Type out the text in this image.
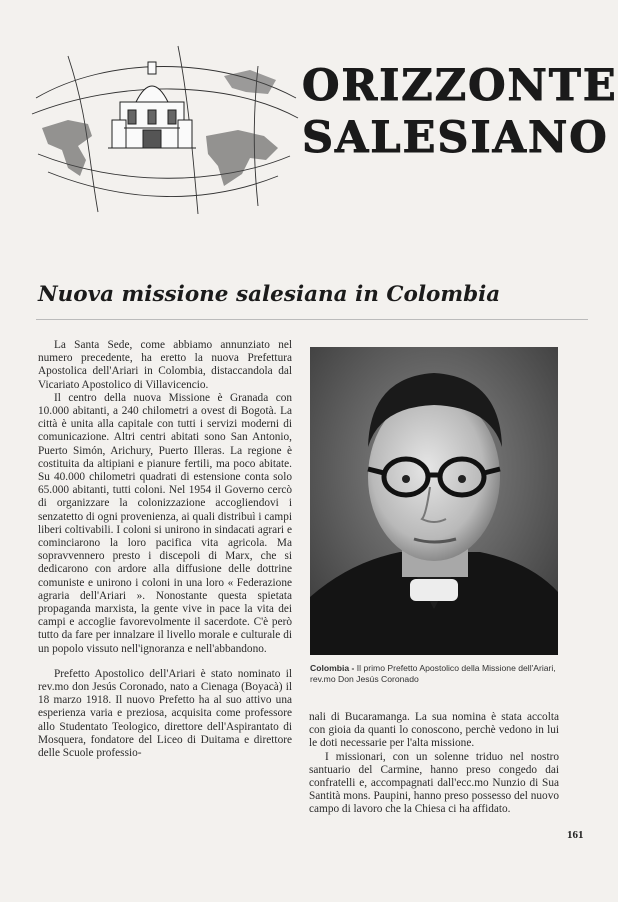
ORIZZONTE
SALESIANO
Nuova missione salesiana in Colombia

La Santa Sede, come abbiamo annunziato nel numero precedente, ha eretto la nuova Prefettura Apostolica dell'Ariari in Colombia, distaccandola dal Vicariato Apostolico di Villavicencio.

Il centro della nuova Missione è Granada con 10.000 abitanti, a 240 chilometri a ovest di Bogotà. La città è unita alla capitale con tutti i servizi moderni di comunicazione. Altri centri abitati sono San Antonio, Puerto Simón, Arichury, Puerto Illeras. La regione è costituita da altipiani e pianure fertili, ma poco abitate. Su 40.000 chilometri quadrati di estensione conta solo 65.000 abitanti, tutti coloni. Nel 1954 il Governo cercò di organizzare la colonizzazione accogliendovi i senzatetto di ogni provenienza, ai quali distribuì i campi liberi coltivabili. I coloni si unirono in sindacati agrari e cominciarono la loro pacifica vita agricola. Ma sopravvennero presto i discepoli di Marx, che si dedicarono con ardore alla diffusione delle dottrine comuniste e unirono i coloni in una loro « Federazione agraria dell'Ariari ». Nonostante questa spietata propaganda marxista, la gente vive in pace la vita dei campi e accoglie favorevolmente il sacerdote. C'è però tutto da fare per innalzare il livello morale e culturale di un popolo vissuto nell'ignoranza e nell'abbandono.

Prefetto Apostolico dell'Ariari è stato nominato il rev.mo don Jesús Coronado, nato a Cienaga (Boyacà) il 18 marzo 1918. Il nuovo Prefetto ha al suo attivo una esperienza varia e preziosa, acquisita come professore allo Studentato Teologico, direttore dell'Aspirantato di Mosquera, fondatore del Liceo di Duitama e direttore delle Scuole professio-

Colombia - Il primo Prefetto Apostolico della Missione dell'Ariari, rev.mo Don Jesús Coronado

nali di Bucaramanga. La sua nomina è stata accolta con gioia da quanti lo conoscono, perchè vedono in lui le doti necessarie per l'alta missione.

I missionari, con un solenne triduo nel nostro santuario del Carmine, hanno preso congedo dai confratelli e, accompagnati dall'ecc.mo Nunzio di Sua Santità mons. Paupini, hanno preso possesso del nuovo campo di lavoro che la Chiesa ci ha affidato.

161
